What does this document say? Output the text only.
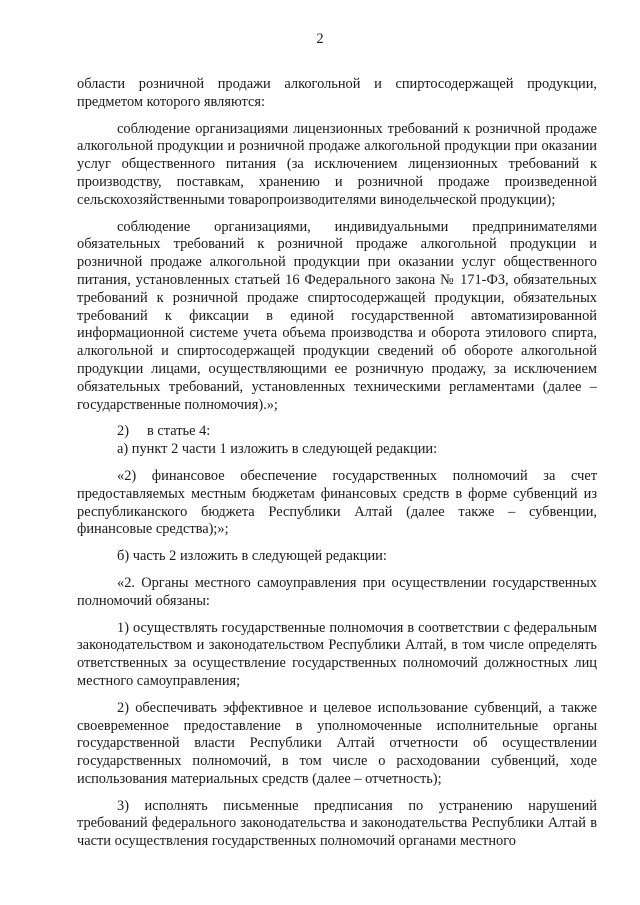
2

области розничной продажи алкогольной и спиртосодержащей продукции, предметом которого являются:

соблюдение организациями лицензионных требований к розничной продаже алкогольной продукции и розничной продаже алкогольной продукции при оказании услуг общественного питания (за исключением лицензионных требований к производству, поставкам, хранению и розничной продаже произведенной сельскохозяйственными товаропроизводителями винодельческой продукции);

соблюдение организациями, индивидуальными предпринимателями обязательных требований к розничной продаже алкогольной продукции и розничной продаже алкогольной продукции при оказании услуг общественного питания, установленных статьей 16 Федерального закона № 171-ФЗ, обязательных требований к розничной продаже спиртосодержащей продукции, обязательных требований к фиксации в единой государственной автоматизированной информационной системе учета объема производства и оборота этилового спирта, алкогольной и спиртосодержащей продукции сведений об обороте алкогольной продукции лицами, осуществляющими ее розничную продажу, за исключением обязательных требований, установленных техническими регламентами (далее – государственные полномочия).»;

2)     в статье 4:

а) пункт 2 части 1 изложить в следующей редакции:

«2) финансовое обеспечение государственных полномочий за счет предоставляемых местным бюджетам финансовых средств в форме субвенций из республиканского бюджета Республики Алтай (далее также – субвенции, финансовые средства);»;

б) часть 2 изложить в следующей редакции:

«2. Органы местного самоуправления при осуществлении государственных полномочий обязаны:

1) осуществлять государственные полномочия в соответствии с федеральным законодательством и законодательством Республики Алтай, в том числе определять ответственных за осуществление государственных полномочий должностных лиц местного самоуправления;

2) обеспечивать эффективное и целевое использование субвенций, а также своевременное предоставление в уполномоченные исполнительные органы государственной власти Республики Алтай отчетности об осуществлении государственных полномочий, в том числе о расходовании субвенций, ходе использования материальных средств (далее – отчетность);

3) исполнять письменные предписания по устранению нарушений требований федерального законодательства и законодательства Республики Алтай в части осуществления государственных полномочий органами местного
